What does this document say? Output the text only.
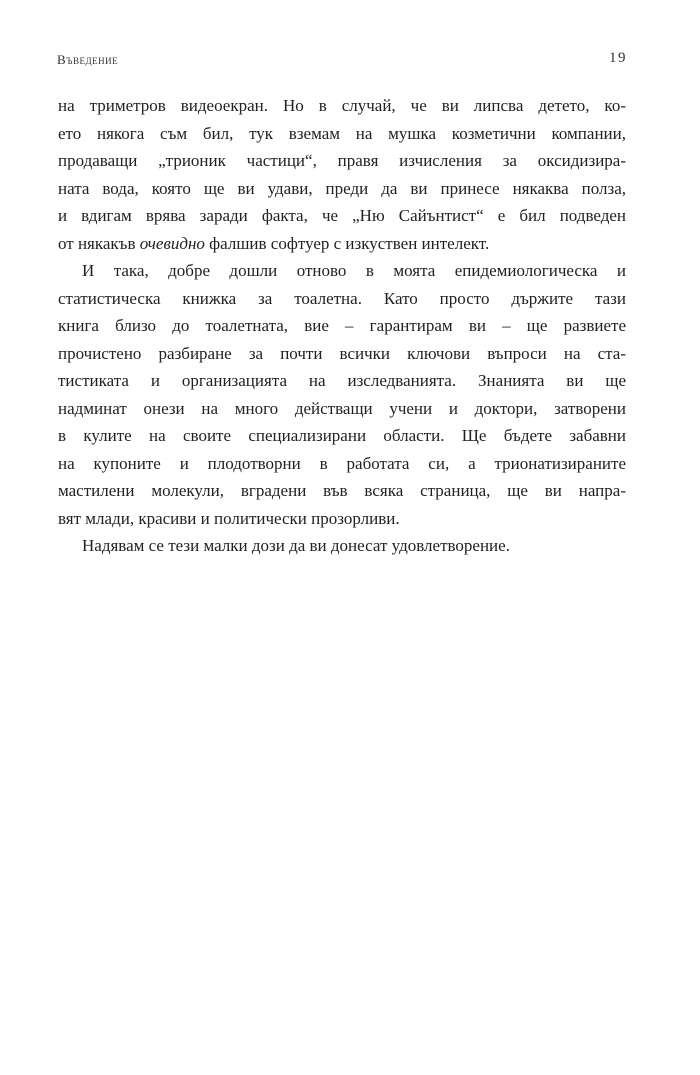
Въведение	19
на триметров видеоекран. Но в случай, че ви липсва детето, ко-
ето някога съм бил, тук вземам на мушка козметични компании,
продаващи „трионик частици“, правя изчисления за оксидизира-
ната вода, която ще ви удави, преди да ви принесе някаква полза,
и вдигам врява заради факта, че „Ню Сайънтист“ е бил подведен
от някакъв очевидно фалшив софтуер с изкуствен интелект.
И така, добре дошли отново в моята епидемиологическа и
статистическа книжка за тоалетна. Като просто държите тази
книга близо до тоалетната, вие – гарантирам ви – ще развиете
прочистено разбиране за почти всички ключови въпроси на ста-
тистиката и организацията на изследванията. Знанията ви ще
надминат онези на много действащи учени и доктори, затворени
в кулите на своите специализирани области. Ще бъдете забавни
на купоните и плодотворни в работата си, а трионатизираните
мастилени молекули, вградени във всяка страница, ще ви напра-
вят млади, красиви и политически прозорливи.
Надявам се тези малки дози да ви донесат удовлетворение.
